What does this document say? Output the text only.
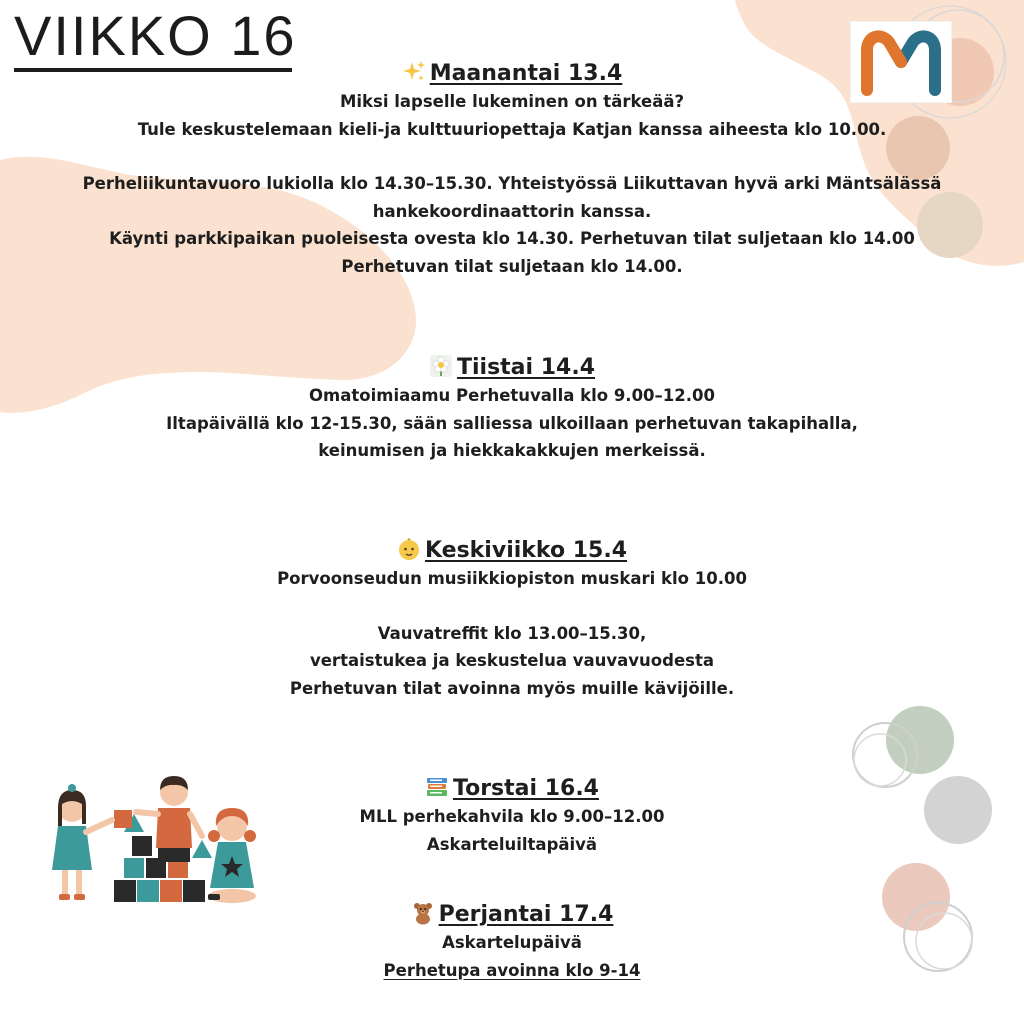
VIIKKO 16
Maanantai 13.4
Miksi lapselle lukeminen on tärkeää?
Tule keskustelemaan kieli-ja kulttuuriopettaja Katjan kanssa aiheesta klo 10.00.
Perheliikuntavuoro lukiolla klo 14.30–15.30. Yhteistyössä Liikuttavan hyvä arki Mäntsälässä
hankekoordinaattorin kanssa.
Käynti parkkipaikan puoleisesta ovesta klo 14.30. Perhetuvan tilat suljetaan klo 14.00
Perhetuvan tilat suljetaan klo 14.00.
Tiistai 14.4
Omatoimiaamu Perhetuvalla klo 9.00–12.00
Iltapäivällä klo 12-15.30, sään salliessa ulkoillaan perhetuvan takapihalla,
keinumisen ja hiekkakakkujen merkeissä.
Keskiviikko 15.4
Porvoonseudun musiikkiopiston muskari klo 10.00
Vauvatreffit klo 13.00–15.30,
vertaistukea ja keskustelua vauvavuodesta
Perhetuvan tilat avoinna myös muille kävijöille.
Torstai 16.4
MLL perhekahvila klo 9.00–12.00
Askarteluiltapäivä
Perjantai 17.4
Askartelupäivä
Perhetupa avoinna klo 9-14
